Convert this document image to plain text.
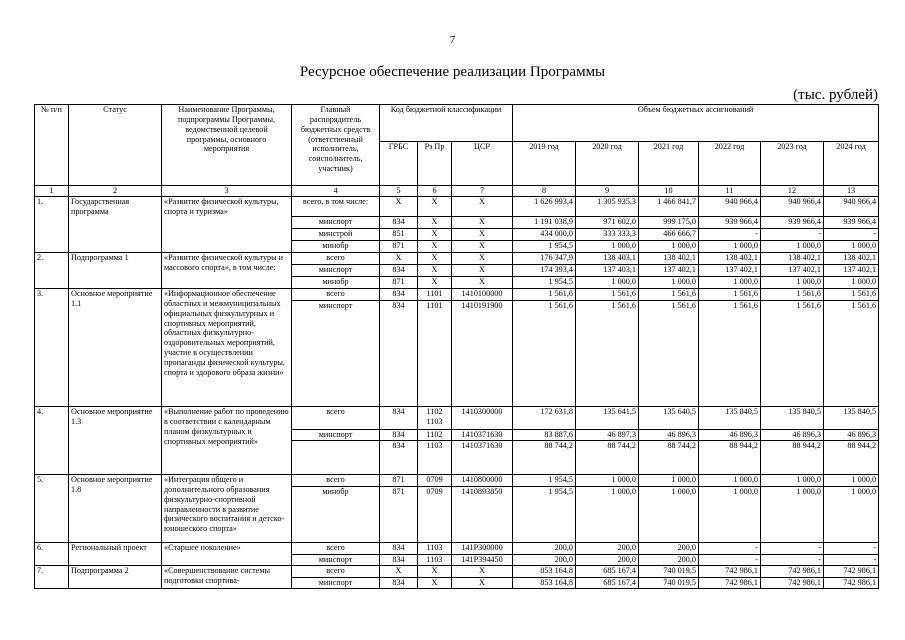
7
Ресурсное обеспечение реализации Программы
(тыс. рублей)
№ п/п	Статус	Наименование Программы, подпрограммы Программы, ведомственной целевой программы, основного мероприятия	Главный распорядитель бюджетных средств (ответственный исполнитель, соисполнитель, участник)	Код бюджетной классификации			Объем бюджетных ассигнований					
				ГРБС	Рз Пр	ЦСР	2019 год	2020 год	2021 год	2022 год	2023 год	2024 год
1	2	3	4	5	6	7	8	9	10	11	12	13
1.	Государственная программа	«Развитие физической культуры, спорта и туризма»	всего, в том числе:	X	X	X	1 626 993,4	1 305 935,3	1 466 841,7	940 966,4	940 966,4	940 966,4
			минспорт	834	X	X	1 191 038,9	971 602,0	999 175,0	939 966,4	939 966,4	939 966,4
			минстрой	851	X	X	434 000,0	333 333,3	466 666,7	-	-	-
			минобр	871	X	X	1 954,5	1 000,0	1 000,0	1 000,0	1 000,0	1 000,0
2.	Подпрограмма 1	«Развитие физической культуры и массового спорта», в том числе:	всего	X	X	X	176 347,9	138 403,1	138 402,1	138 402,1	138 402,1	138 402,1
			минспорт	834	X	X	174 393,4	137 403,1	137 402,1	137 402,1	137 402,1	137 402,1
			минобр	871	X	X	1 954,5	1 000,0	1 000,0	1 000,0	1 000,0	1 000,0
3.	Основное мероприятие 1.1	«Информационное обеспечение областных и межмуниципальных официальных физкультурных и спортивных мероприятий, областных физкультурно-оздоровительных мероприятий, участие в осуществлении пропаганды физической культуры, спорта и здорового образа жизни»	всего	834	1101	1410100000	1 561,6	1 561,6	1 561,6	1 561,6	1 561,6	1 561,6
			минспорт	834	1101	1410191900	1 561,6	1 561,6	1 561,6	1 561,6	1 561,6	1 561,6
4.	Основное мероприятие 1.3	«Выполнение работ по проведению в соответствии с календарным планом физкультурных и спортивных мероприятий»	всего	834	1102 1103	1410300000	172 631,8	135 641,5	135 640,5	135 840,5	135 840,5	135 840,5
			минспорт	834	1102	1410371630	83 887,6	46 897,3	46 896,3	46 896,3	46 896,3	46 896,3
				834	1103	1410371630	88 744,2	88 744,2	88 744,2	88 944,2	88 944,2	88 944,2
5.	Основное мероприятие 1.8	«Интеграция общего и дополнительного образования физкультурно-спортивной направленности в развитие физического воспитания и детско-юношеского спорта»	всего	871	0709	1410800000	1 954,5	1 000,0	1 000,0	1 000,0	1 000,0	1 000,0
			минобр	871	0709	1410893850	1 954,5	1 000,0	1 000,0	1 000,0	1 000,0	1 000,0
6.	Региональный проект	«Старшее поколение»	всего	834	1103	141P300000	200,0	200,0	200,0	-	-	-
			минспорт	834	1103	141P394450	200,0	200,0	200,0	-	-	-
7.	Подпрограмма 2	«Совершенствование системы подготовки спортива-	всего	X	X	X	853 164,8	685 167,4	740 019,5	742 986,1	742 986,1	742 986,1
			минспорт	834	X	X	853 164,8	685 167,4	740 019,5	742 986,1	742 986,1	742 986,1
